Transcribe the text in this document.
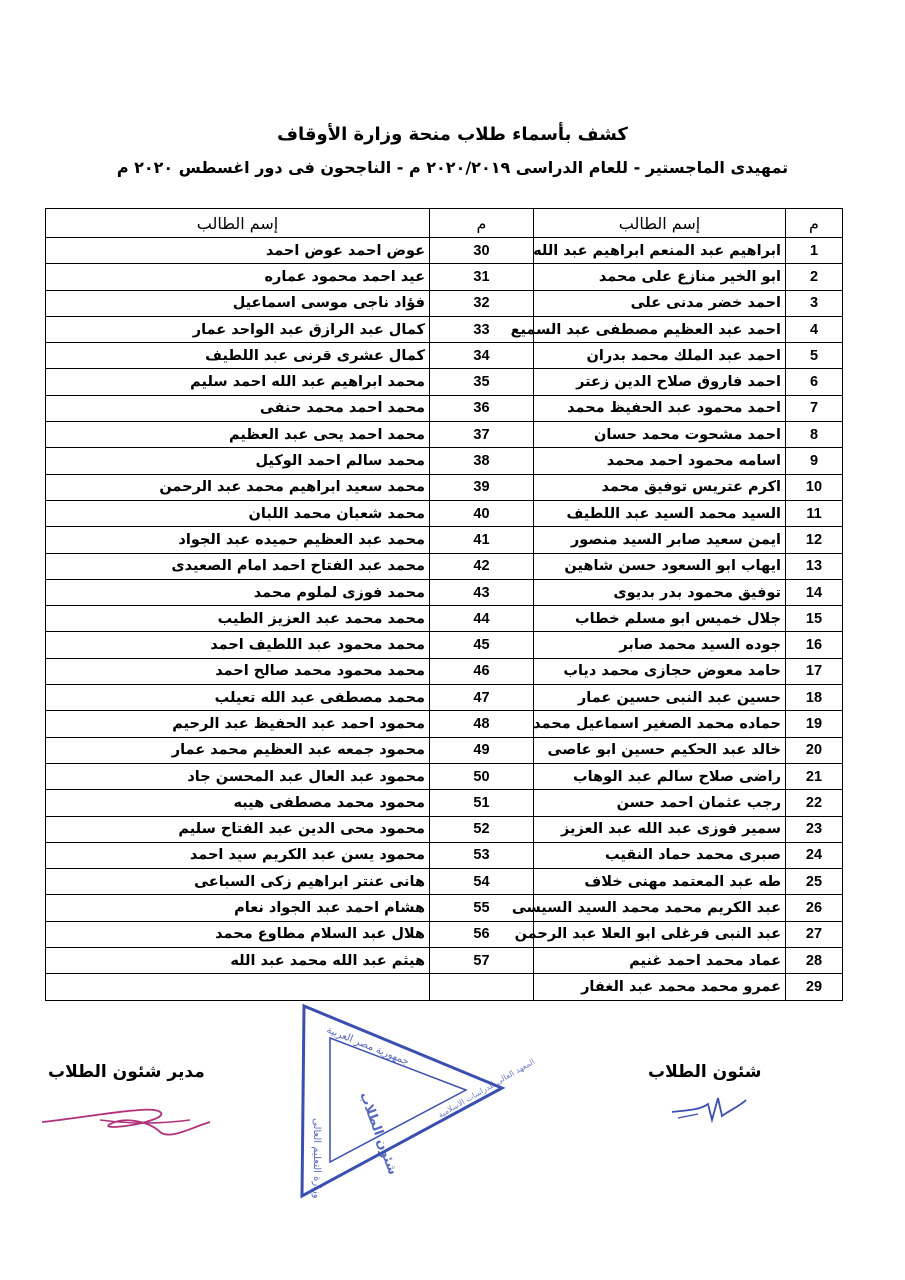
كشف بأسماء طلاب منحة وزارة الأوقاف
تمهيدى الماجستير - للعام الدراسى ٢٠٢٠/٢٠١٩ م - الناجحون فى دور اغسطس ٢٠٢٠ م
م	إسم الطالب	م	إسم الطالب
1	ابراهيم عبد المنعم ابراهيم عبد الله	30	عوض احمد عوض احمد
2	ابو الخير منازع على محمد	31	عيد احمد محمود عماره
3	احمد خضر مدنى على	32	فؤاد ناجى موسى اسماعيل
4	احمد عبد العظيم مصطفى عبد السميع	33	كمال عبد الرازق عبد الواحد عمار
5	احمد عبد الملك محمد بدران	34	كمال عشرى قرنى عبد اللطيف
6	احمد فاروق صلاح الدين زعتر	35	محمد ابراهيم عبد الله احمد سليم
7	احمد محمود عبد الحفيظ محمد	36	محمد احمد محمد حنفى
8	احمد مشحوت محمد حسان	37	محمد احمد يحى عبد العظيم
9	اسامه محمود احمد محمد	38	محمد سالم احمد الوكيل
10	اكرم عتريس توفيق محمد	39	محمد سعيد ابراهيم محمد عبد الرحمن
11	السيد محمد السيد عبد اللطيف	40	محمد شعبان محمد اللبان
12	ايمن سعيد صابر السيد منصور	41	محمد عبد العظيم حميده عبد الجواد
13	ايهاب ابو السعود حسن شاهين	42	محمد عبد الفتاح احمد امام الصعيدى
14	توفيق محمود بدر بديوى	43	محمد فوزى لملوم محمد
15	جلال خميس ابو مسلم خطاب	44	محمد محمد عبد العزيز الطيب
16	جوده السيد محمد صابر	45	محمد محمود عبد اللطيف احمد
17	حامد معوض حجازى محمد دياب	46	محمد محمود محمد صالح احمد
18	حسين عبد النبى حسين عمار	47	محمد مصطفى عبد الله تعيلب
19	حماده محمد الصغير اسماعيل محمد	48	محمود احمد عبد الحفيظ عبد الرحيم
20	خالد عبد الحكيم حسين ابو عاصى	49	محمود جمعه عبد العظيم محمد عمار
21	راضى صلاح سالم عبد الوهاب	50	محمود عبد العال عبد المحسن جاد
22	رجب عثمان احمد حسن	51	محمود محمد مصطفى هيبه
23	سمير فوزى عبد الله عبد العزيز	52	محمود محى الدين عبد الفتاح سليم
24	صبرى محمد حماد النقيب	53	محمود يسن عبد الكريم سيد احمد
25	طه عبد المعتمد مهنى خلاف	54	هانى عنتر ابراهيم زكى السباعى
26	عبد الكريم محمد محمد السيد السيسى	55	هشام احمد عبد الجواد نعام
27	عبد النبى فرغلى ابو العلا عبد الرحمن	56	هلال عبد السلام مطاوع محمد
28	عماد محمد احمد غنيم	57	هيثم عبد الله محمد عبد الله
29	عمرو محمد محمد عبد الغفار		
شئون الطلاب
مدير شئون الطلاب
جمهورية مصر العربية
وزارة التعليم العالى	شئون الطلاب
المعهد العالى للدراسات الاسلامية
